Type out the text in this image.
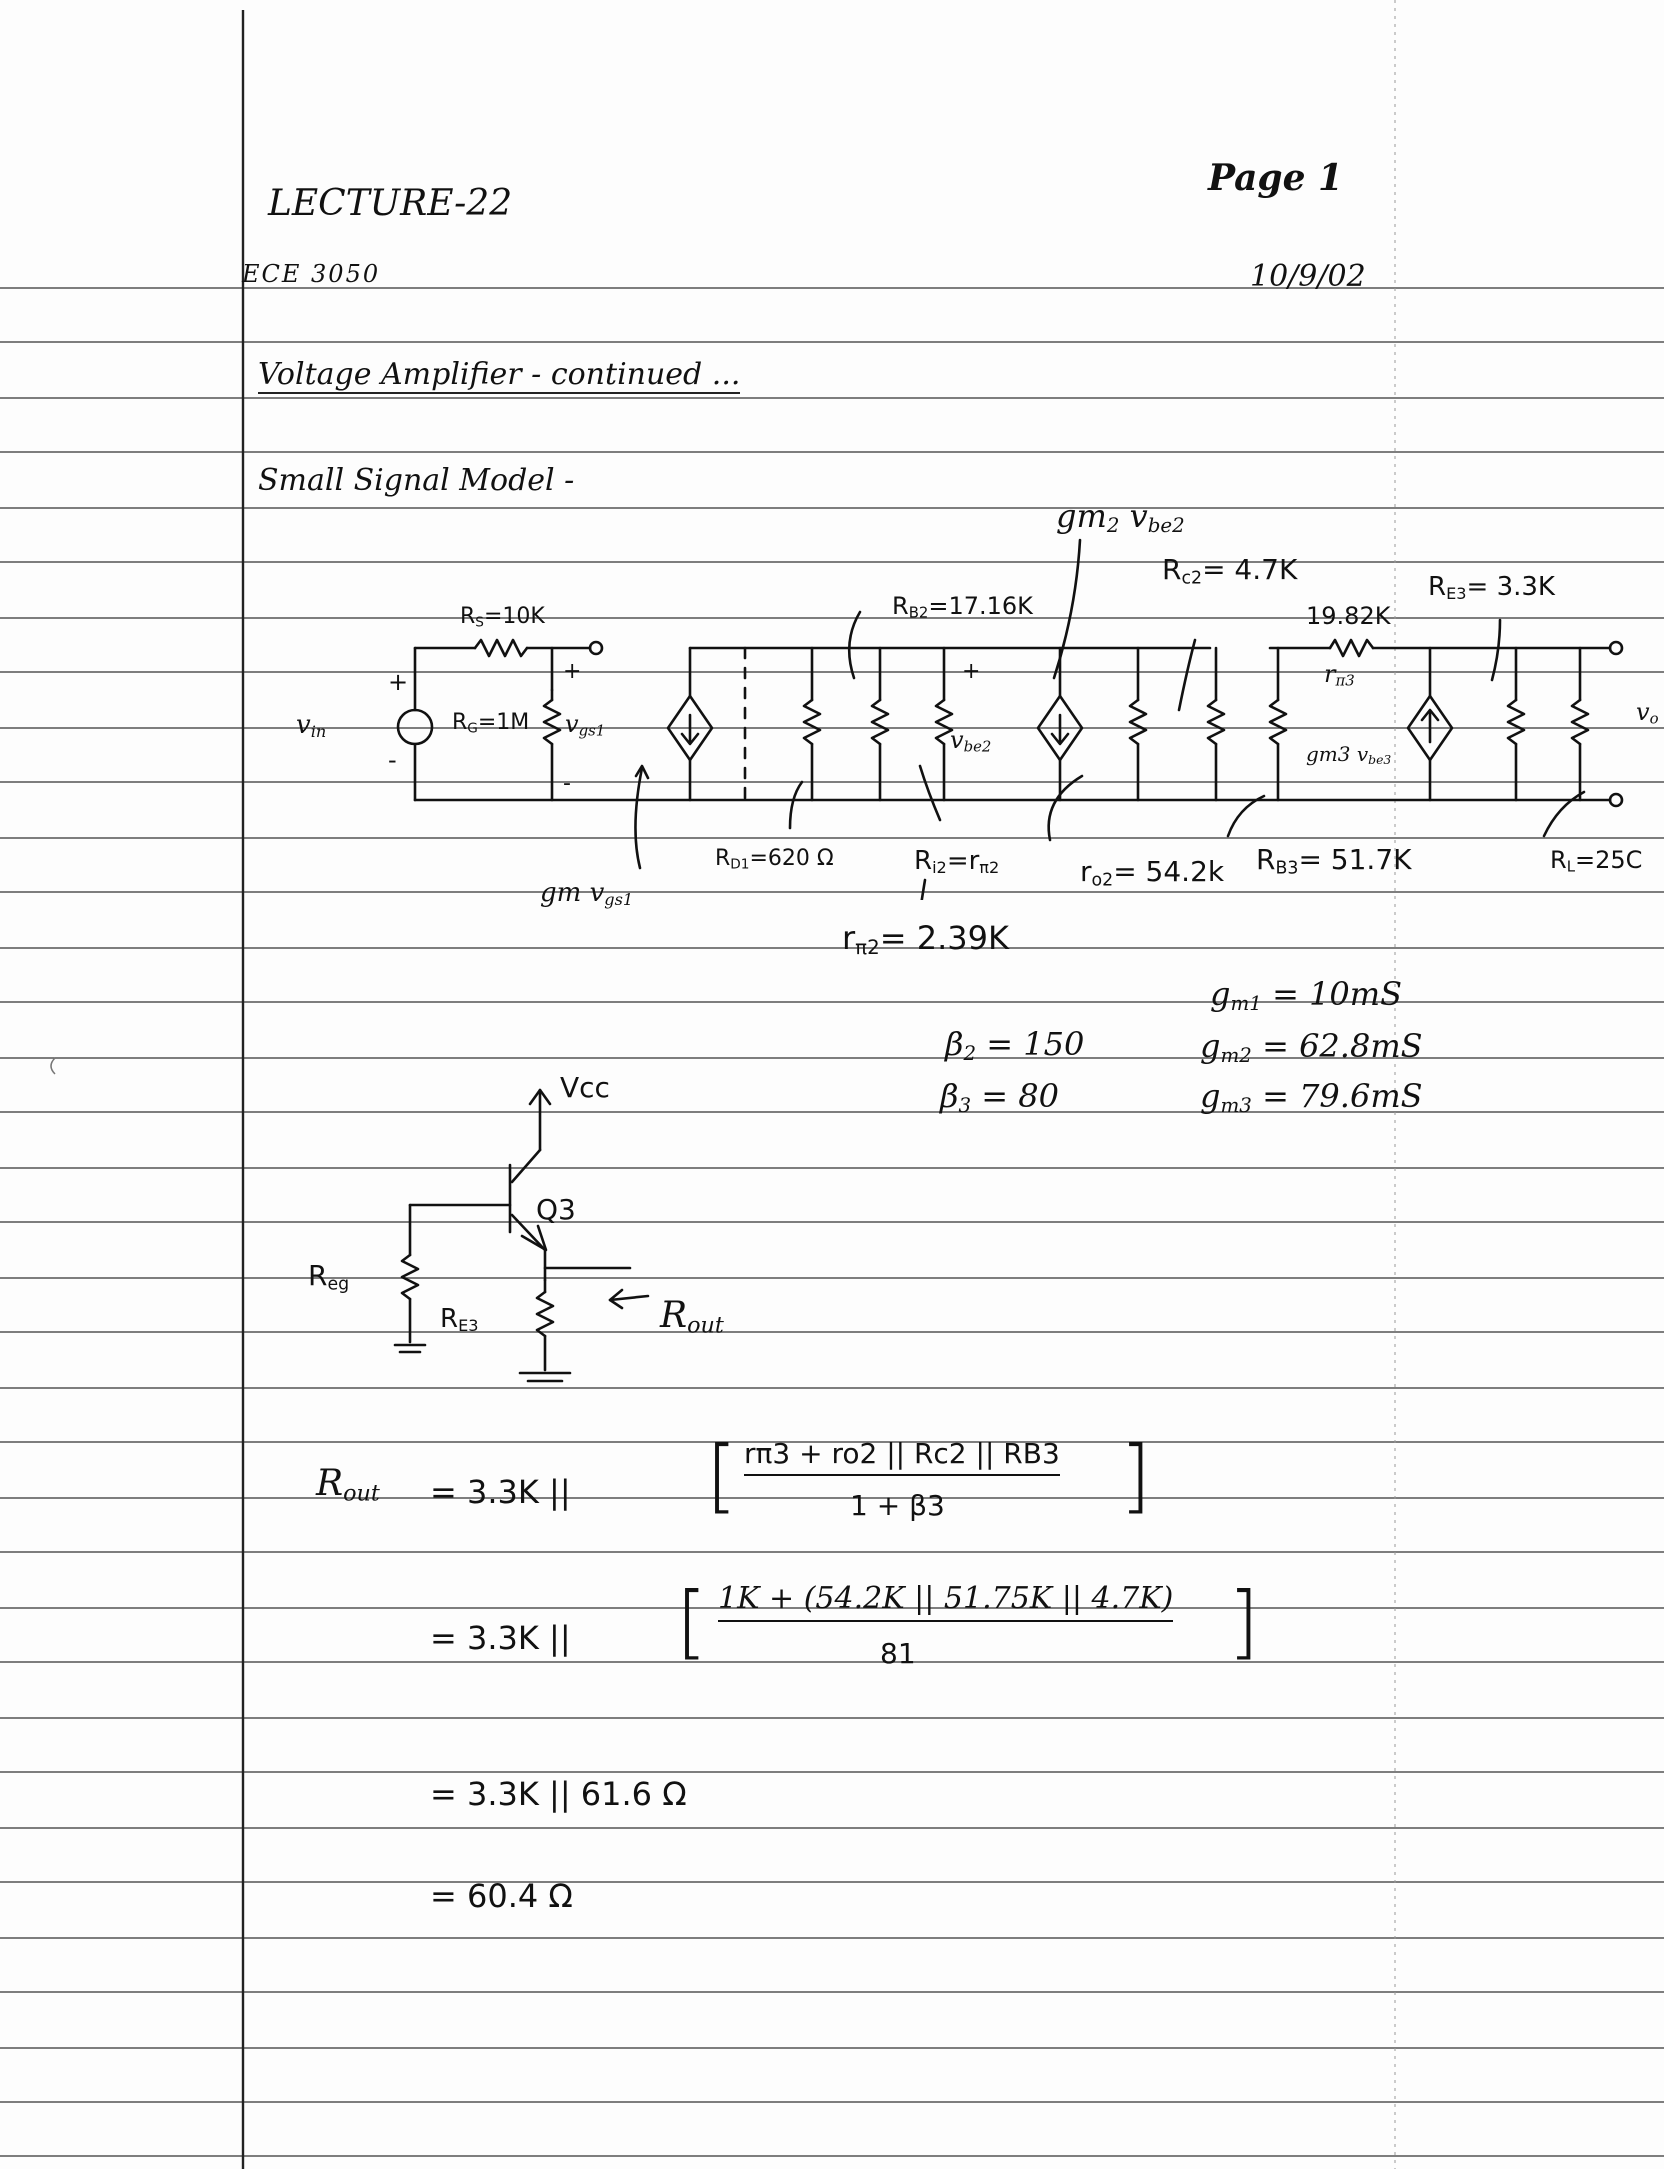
LECTURE-22
Page 1
ECE 3050	10/9/02
Voltage Amplifier - continued ...
Small Signal Model -
+
-
+
+
-
$v_{in}$
$R_S=10K$
$R_G=1M$ $v_{gs1}$
gm $v_{gs1}$
$R_{D1}=620$ Ω
$R_{B2}=17.16K$
$v_{be2}$
$R_{i2}=r_{\pi 2}$
$gm_2$ $v_{be2}$
$r_{o2}= 54.2k$
$R_{c2}= 4.7K$
19.82K
$r_{\pi 3}$
$R_{E3}= 3.3K$
gm3 $v_{be3}$
$R_{B3}= 51.7K$	$R_L=25C$
$v_o$
$r_{\pi 2}= 2.39K$
$\beta_2 = 150$
$\beta_3 = 80$
$g_{m1} = 10mS$
$g_{m2} = 62.8mS$
$g_{m3} = 79.6mS$
Vcc
Q3
$R_{eg}$
$R_{E3}$	$R_{out}$
$R_{out} = 3.3K$ || [ rπ3 + ro2 || Rc2 || RB3
1 + β3 ]
= 3.3K || [ 1K + (54.2K || 51.75K || 4.7K)
81	]
= 3.3K || 61.6 Ω
= 60.4 Ω
